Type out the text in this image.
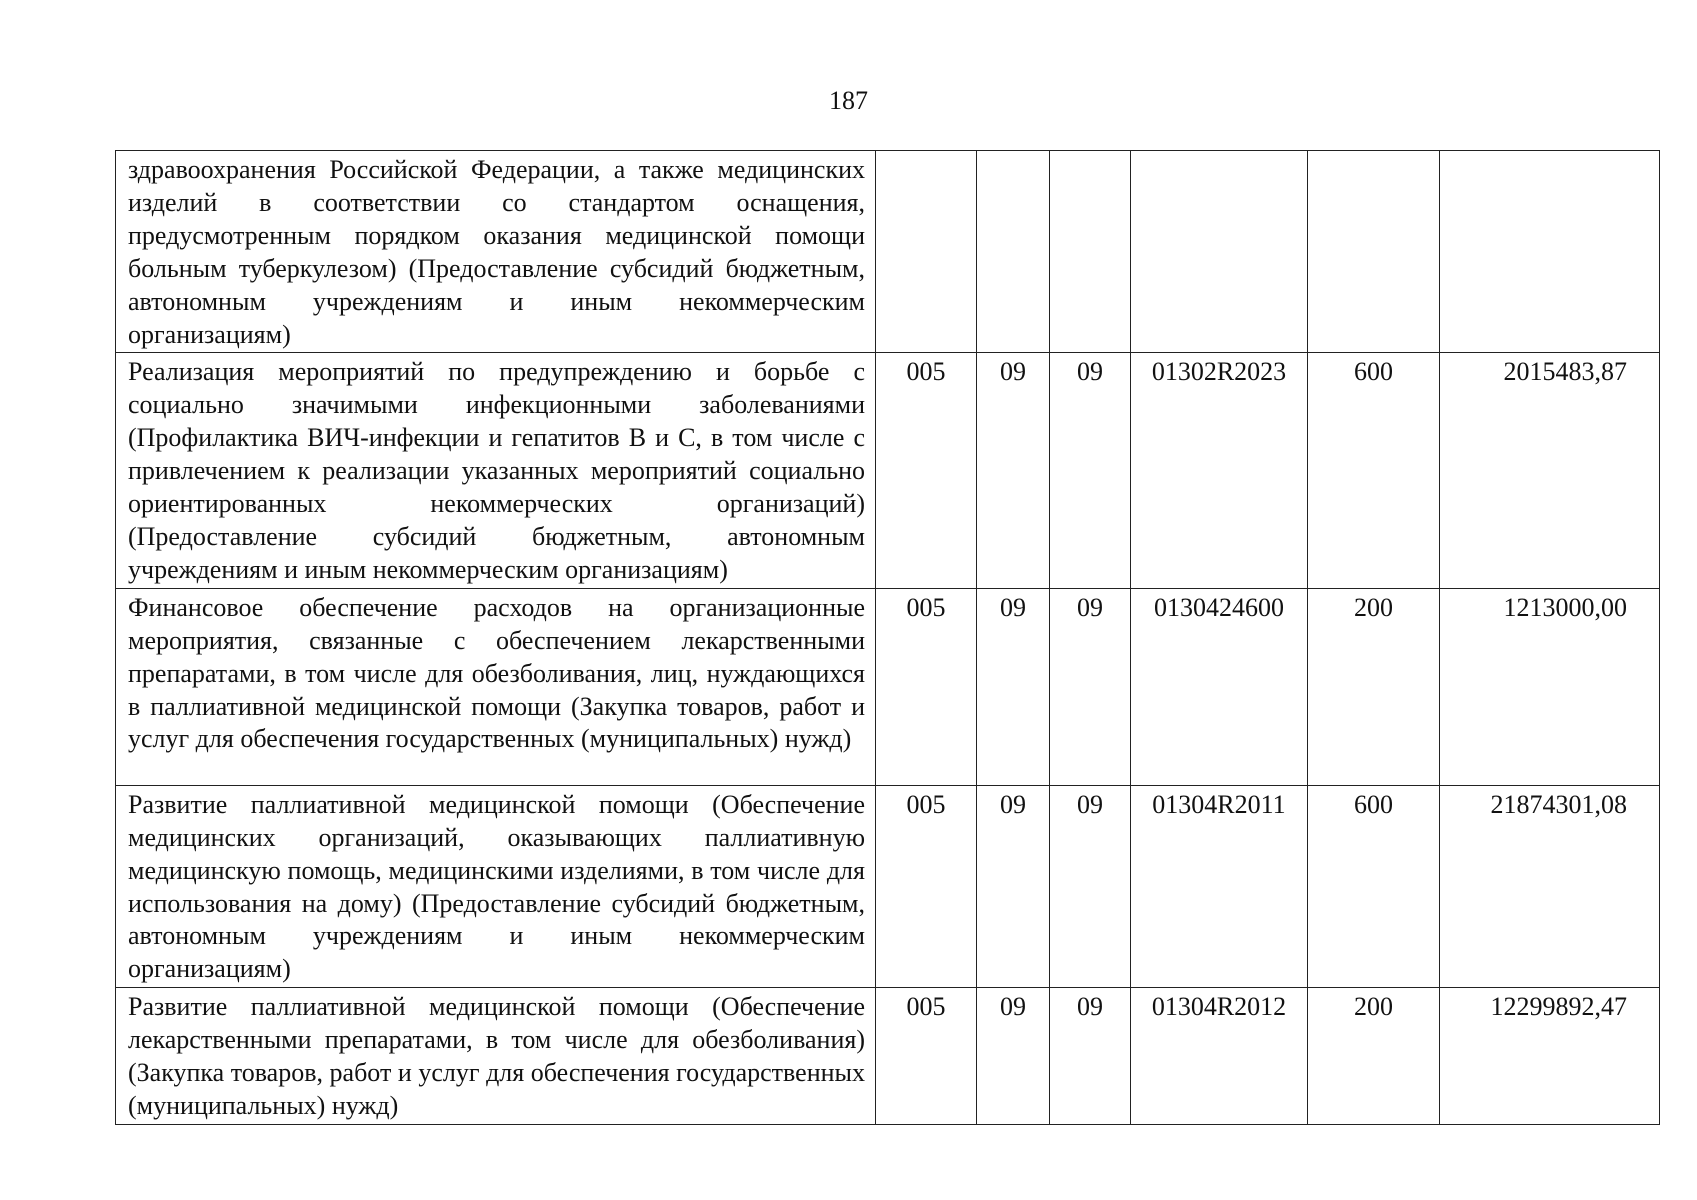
187
здравоохранения Российской Федерации, а также медицинских изделий в соответствии со стандартом оснащения, предусмотренным порядком оказания медицинской помощи больным туберкулезом) (Предоставление субсидий бюджетным, автономным учреждениям и иным некоммерческим организациям)						
Реализация мероприятий по предупреждению и борьбе с социально значимыми инфекционными заболеваниями (Профилактика ВИЧ-инфекции и гепатитов В и С, в том числе с привлечением к реализации указанных мероприятий социально ориентированных некоммерческих организаций) (Предоставление субсидий бюджетным, автономным учреждениям и иным некоммерческим организациям)	005	09	09	01302R2023	600	2015483,87
Финансовое обеспечение расходов на организационные мероприятия, связанные с обеспечением лекарственными препаратами, в том числе для обезболивания, лиц, нуждающихся в паллиативной медицинской помощи (Закупка товаров, работ и услуг для обеспечения государственных (муниципальных) нужд)	005	09	09	0130424600	200	1213000,00
Развитие паллиативной медицинской помощи (Обеспечение медицинских организаций, оказывающих паллиативную медицинскую помощь, медицинскими изделиями, в том числе для использования на дому) (Предоставление субсидий бюджетным, автономным учреждениям и иным некоммерческим организациям)	005	09	09	01304R2011	600	21874301,08
Развитие паллиативной медицинской помощи (Обеспечение лекарственными препаратами, в том числе для обезболивания) (Закупка товаров, работ и услуг для обеспечения государственных (муниципальных) нужд)	005	09	09	01304R2012	200	12299892,47
